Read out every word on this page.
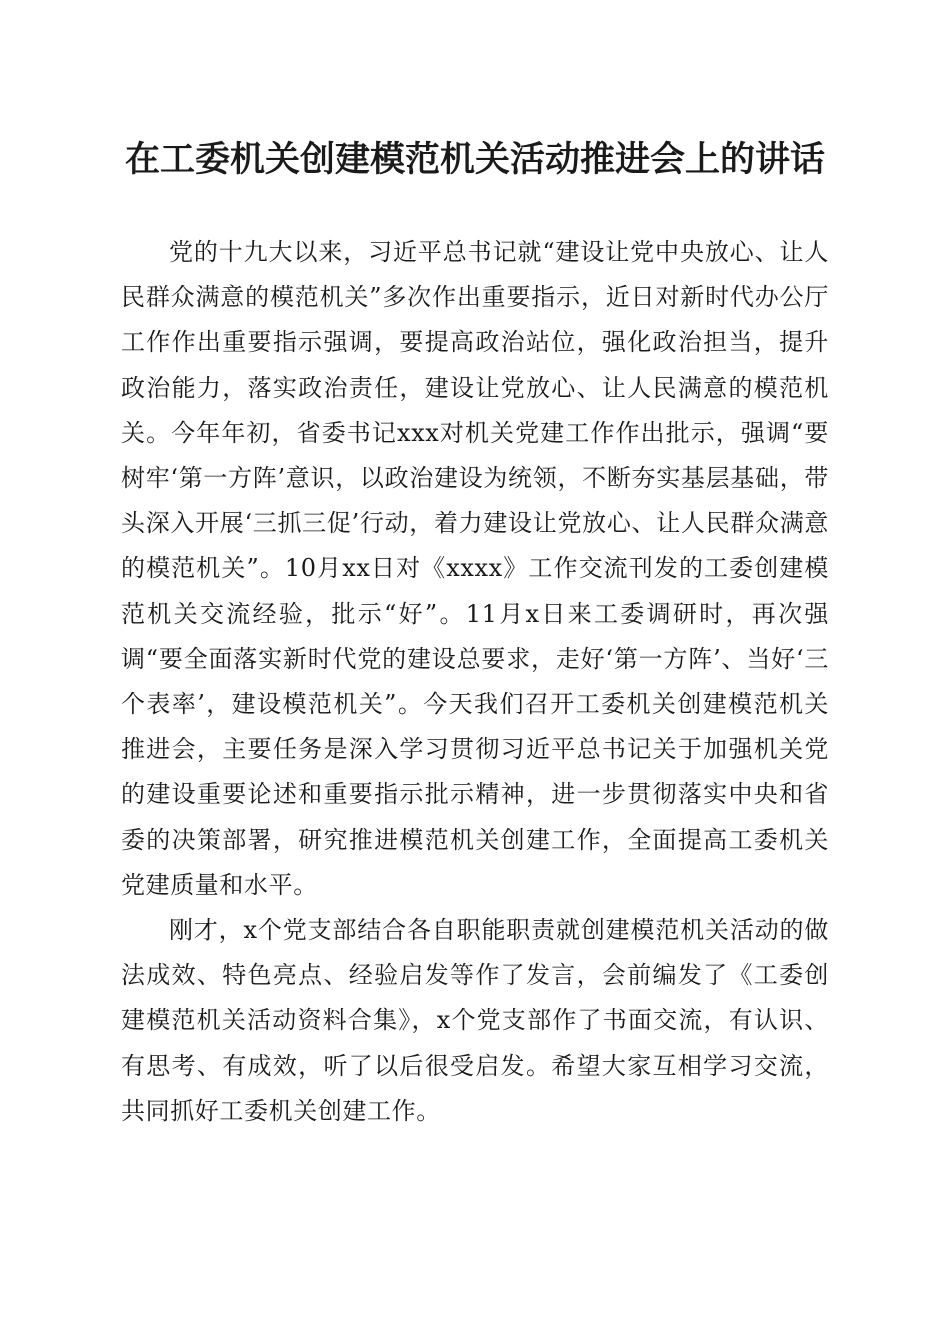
在工委机关创建模范机关活动推进会上的讲话

党的十九大以来，习近平总书记就“建设让党中央放心、让人民群众满意的模范机关”多次作出重要指示，近日对新时代办公厅工作作出重要指示强调，要提高政治站位，强化政治担当，提升政治能力，落实政治责任，建设让党放心、让人民满意的模范机关。今年年初，省委书记xxx对机关党建工作作出批示，强调“要树牢‘第一方阵’意识，以政治建设为统领，不断夯实基层基础，带头深入开展‘三抓三促’行动，着力建设让党放心、让人民群众满意的模范机关”。10月xx日对《xxxx》工作交流刊发的工委创建模范机关交流经验，批示“好”。11月x日来工委调研时，再次强调“要全面落实新时代党的建设总要求，走好‘第一方阵’、当好‘三个表率’，建设模范机关”。今天我们召开工委机关创建模范机关推进会，主要任务是深入学习贯彻习近平总书记关于加强机关党的建设重要论述和重要指示批示精神，进一步贯彻落实中央和省委的决策部署，研究推进模范机关创建工作，全面提高工委机关党建质量和水平。

刚才，x个党支部结合各自职能职责就创建模范机关活动的做法成效、特色亮点、经验启发等作了发言，会前编发了《工委创建模范机关活动资料合集》，x个党支部作了书面交流，有认识、有思考、有成效，听了以后很受启发。希望大家互相学习交流，共同抓好工委机关创建工作。
